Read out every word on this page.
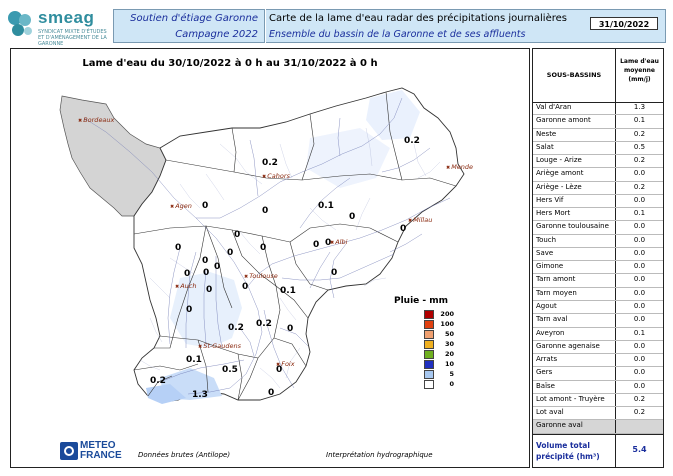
smeag
SYNDICAT MIXTE D'ÉTUDES ET D'AMÉNAGEMENT DE LA GARONNE
Soutien d'étiage Garonne
Campagne 2022
Carte de la lame d'eau radar des précipitations journalières
Ensemble du bassin de la Garonne et de ses affluents
31/10/2022
Lame d'eau du 30/10/2022 à 0 h au 31/10/2022 à 0 h
0.2
0.2
0	0.1
0
0 0
0
0
0
0
0 0	0
0	0	0.1
0.2 0.2
0.1
0.5	0
0
0.2
1.3
0
0
0
0
0
0
✖ Bordeaux
✖ Cahors
✖ Mende
✖ Agen
✖ Millau
✖ Albi
✖ Toulouse
✖ Auch
✖ St-Gaudens
✖ Foix
Pluie - mm
200
100
50
30
20
10
5
0
METEO
FRANCE Données brutes (Antilope)	Interprétation hydrographique
SOUS-BASSINS
Lame d'eau moyenne (mm/j)
Val d'Aran	1.3
Garonne amont	0.1
Neste	0.2
Salat	0.5
Louge - Arize	0.2
Ariège amont	0.0
Ariège - Lèze	0.2
Hers Vif	0.0
Hers Mort	0.1
Garonne toulousaine	0.0
Touch	0.0
Save	0.0
Gimone	0.0
Tarn amont	0.0
Tarn moyen	0.0
Agout	0.0
Tarn aval	0.0
Aveyron	0.1
Garonne agenaise	0.0
Arrats	0.0
Gers	0.0
Baïse	0.0
Lot amont - Truyère	0.2
Lot aval	0.2
Garonne aval
Volume total précipité (hm³)
5.4
